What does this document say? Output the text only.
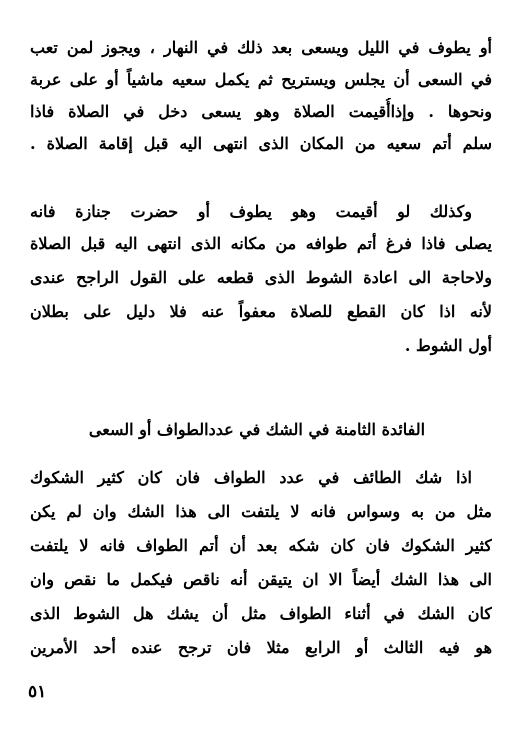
أو يطوف في الليل ويسعى بعد ذلك في النهار ، ويجوز لمن تعب
في السعى أن يجلس ويستريح ثم يكمل سعيه ماشياً أو على عربة
ونحوها . وإذاأُقيمت الصلاة وهو يسعى دخل في الصلاة فاذا
سلم أتم سعيه من المكان الذى انتهى اليه قبل إقامة الصلاة .
وكذلك لو أقيمت وهو يطوف أو حضرت جنازة فانه
يصلى فاذا فرغ أتم طوافه من مكانه الذى انتهى اليه قبل الصلاة
ولاحاجة الى اعادة الشوط الذى قطعه على القول الراجح عندى
لأنه اذا كان القطع للصلاة معفواً عنه فلا دليل على بطلان
أول الشوط .
الفائدة الثامنة في الشك في عددالطواف أو السعى
اذا شك الطائف في عدد الطواف فان كان كثير الشكوك
مثل من به وسواس فانه لا يلتفت الى هذا الشك وان لم يكن
كثير الشكوك فان كان شكه بعد أن أتم الطواف فانه لا يلتفت
الى هذا الشك أيضاً الا ان يتيقن أنه ناقص فيكمل ما نقص وان
كان الشك في أثناء الطواف مثل أن يشك هل الشوط الذى
هو فيه الثالث أو الرابع مثلا فان ترجح عنده أحد الأمرين
٥١
